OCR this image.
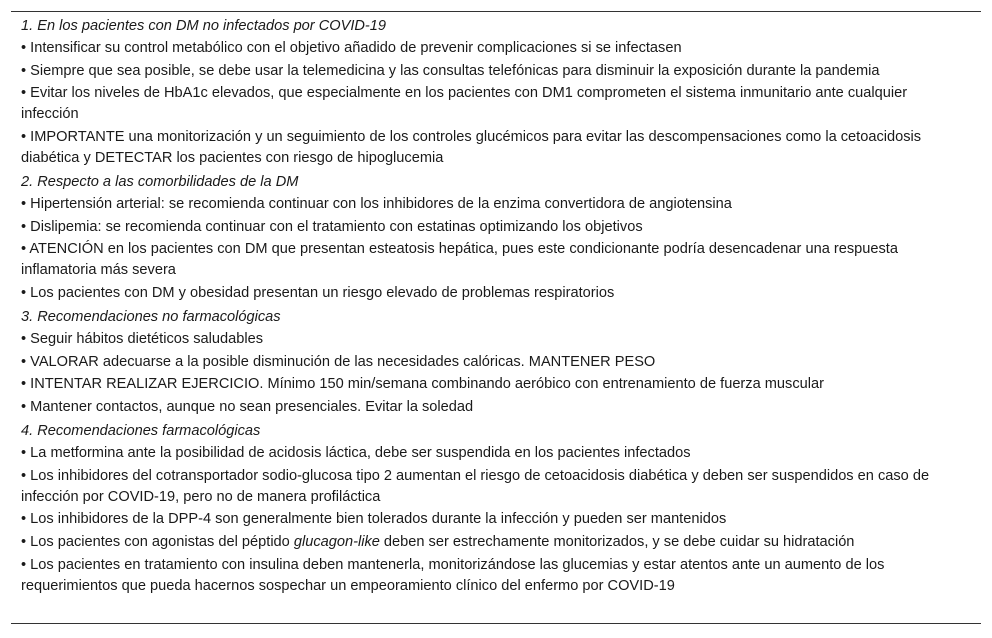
1. En los pacientes con DM no infectados por COVID-19
• Intensificar su control metabólico con el objetivo añadido de prevenir complicaciones si se infectasen
• Siempre que sea posible, se debe usar la telemedicina y las consultas telefónicas para disminuir la exposición durante la pandemia
• Evitar los niveles de HbA1c elevados, que especialmente en los pacientes con DM1 comprometen el sistema inmunitario ante cualquier infección
• IMPORTANTE una monitorización y un seguimiento de los controles glucémicos para evitar las descompensaciones como la cetoacidosis diabética y DETECTAR los pacientes con riesgo de hipoglucemia
2. Respecto a las comorbilidades de la DM
• Hipertensión arterial: se recomienda continuar con los inhibidores de la enzima convertidora de angiotensina
• Dislipemia: se recomienda continuar con el tratamiento con estatinas optimizando los objetivos
• ATENCIÓN en los pacientes con DM que presentan esteatosis hepática, pues este condicionante podría desencadenar una respuesta inflamatoria más severa
• Los pacientes con DM y obesidad presentan un riesgo elevado de problemas respiratorios
3. Recomendaciones no farmacológicas
• Seguir hábitos dietéticos saludables
• VALORAR adecuarse a la posible disminución de las necesidades calóricas. MANTENER PESO
• INTENTAR REALIZAR EJERCICIO. Mínimo 150 min/semana combinando aeróbico con entrenamiento de fuerza muscular
• Mantener contactos, aunque no sean presenciales. Evitar la soledad
4. Recomendaciones farmacológicas
• La metformina ante la posibilidad de acidosis láctica, debe ser suspendida en los pacientes infectados
• Los inhibidores del cotransportador sodio-glucosa tipo 2 aumentan el riesgo de cetoacidosis diabética y deben ser suspendidos en caso de infección por COVID-19, pero no de manera profiláctica
• Los inhibidores de la DPP-4 son generalmente bien tolerados durante la infección y pueden ser mantenidos
• Los pacientes con agonistas del péptido glucagon-like deben ser estrechamente monitorizados, y se debe cuidar su hidratación
• Los pacientes en tratamiento con insulina deben mantenerla, monitorizándose las glucemias y estar atentos ante un aumento de los requerimientos que pueda hacernos sospechar un empeoramiento clínico del enfermo por COVID-19
